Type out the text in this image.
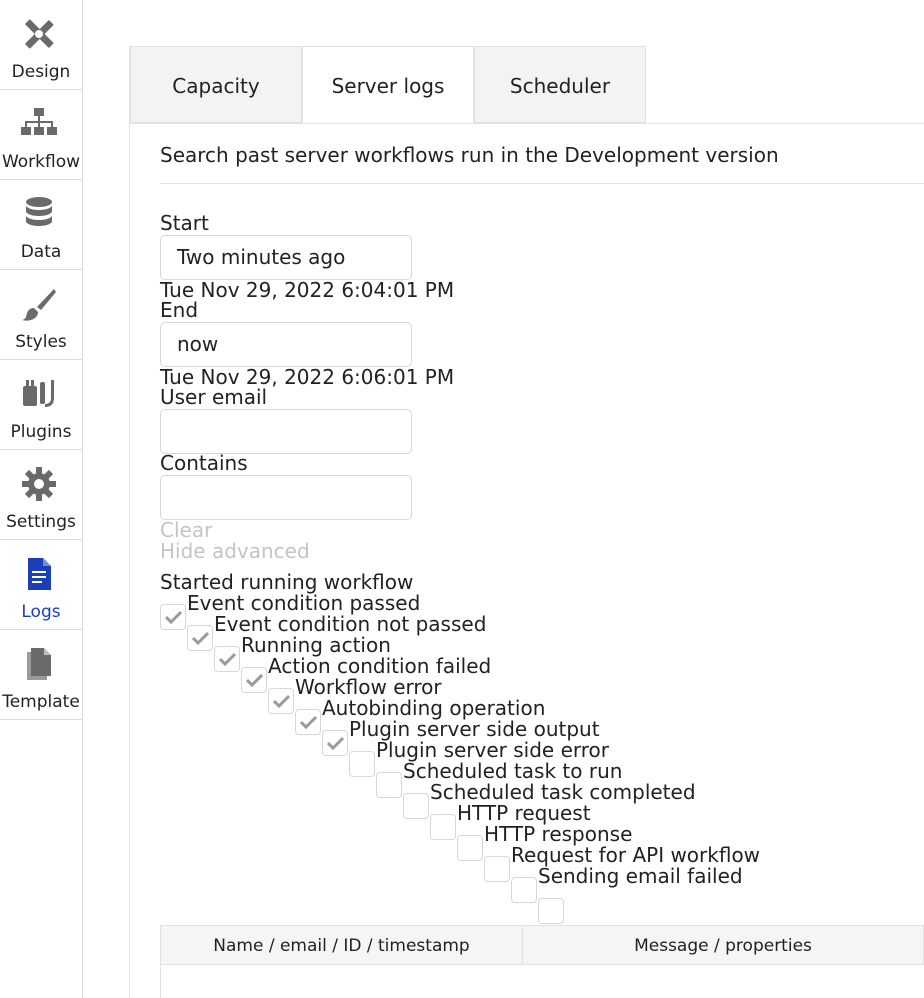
Design
Workflow
Data
Styles
Plugins
Settings
Logs
Template
Capacity	Server logs	Scheduler
Search past server workflows run in the Development version
Start
Two minutes ago
Tue Nov 29, 2022 6:04:01 PM
End
now
Tue Nov 29, 2022 6:06:01 PM
User email
Contains
Clear
Hide advanced
Started running workflow
Event condition passed
Event condition not passed
Running action
Action condition failed
Workflow error
Autobinding operation
Plugin server side output
Plugin server side error
Scheduled task to run
Scheduled task completed
HTTP request
HTTP response
Request for API workflow
Sending email failed
Name / email / ID / timestamp	Message / properties
